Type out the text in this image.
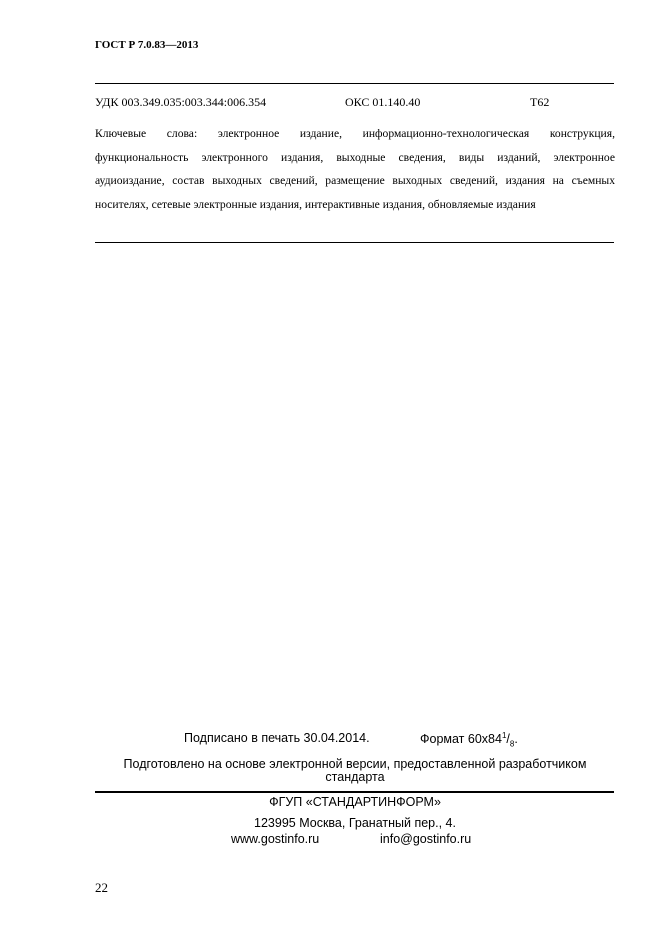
ГОСТ Р 7.0.83—2013
УДК 003.349.035:003.344:006.354	ОКС 01.140.40	Т62
Ключевые слова: электронное издание, информационно-технологическая конструкция, функциональность электронного издания, выходные сведения, виды изданий, электронное аудиоиздание, состав выходных сведений, размещение выходных сведений, издания на съемных носителях, сетевые электронные издания, интерактивные издания, обновляемые издания
Подписано в печать 30.04.2014.	Формат $60x84^1/_8$.
Подготовлено на основе электронной версии, предоставленной разработчиком стандарта
ФГУП «СТАНДАРТИНФОРМ»
123995 Москва, Гранатный пер., 4.
www.gostinfo.ru	info@gostinfo.ru
22
